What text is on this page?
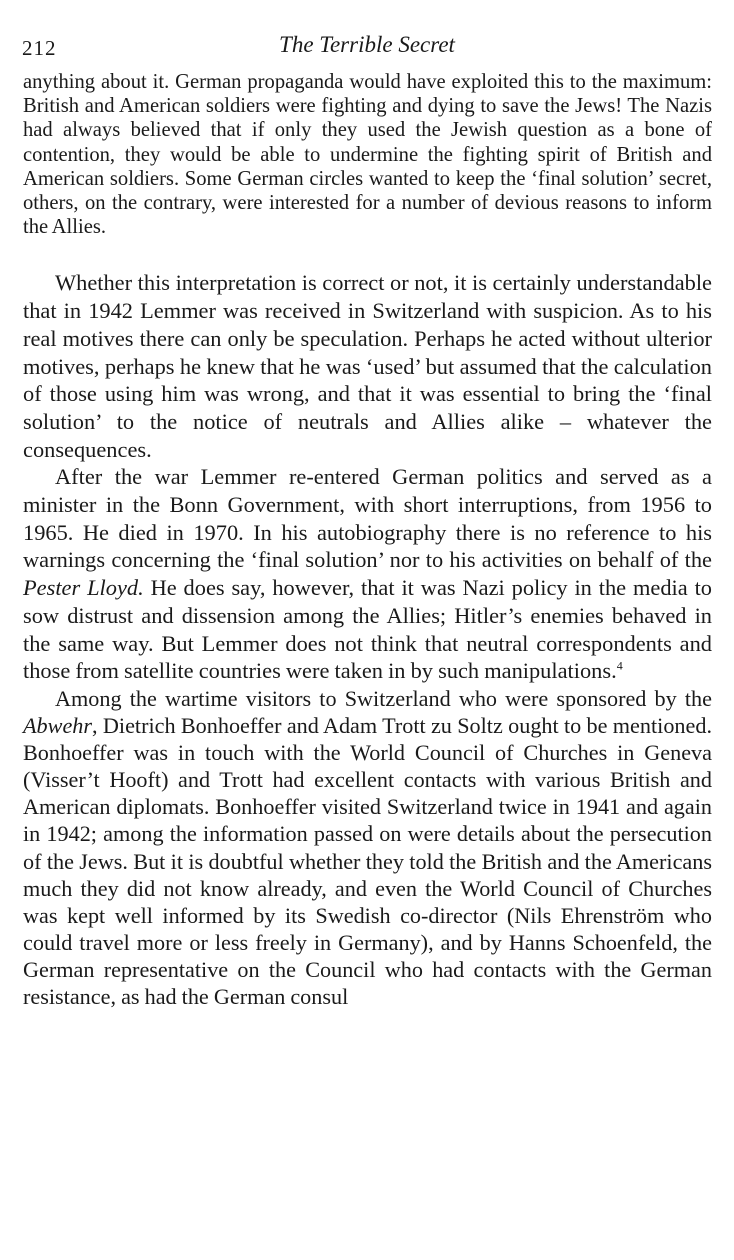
212	The Terrible Secret

anything about it. German propaganda would have exploited this to the maximum: British and American soldiers were fighting and dying to save the Jews! The Nazis had always believed that if only they used the Jewish question as a bone of contention, they would be able to undermine the fighting spirit of British and American soldiers. Some German circles wanted to keep the ‘final solution’ secret, others, on the contrary, were interested for a number of devious reasons to inform the Allies.

Whether this interpretation is correct or not, it is certainly understandable that in 1942 Lemmer was received in Switzerland with suspicion. As to his real motives there can only be speculation. Perhaps he acted without ulterior motives, perhaps he knew that he was ‘used’ but assumed that the calculation of those using him was wrong, and that it was essential to bring the ‘final solution’ to the notice of neutrals and Allies alike – whatever the consequences.

After the war Lemmer re-entered German politics and served as a minister in the Bonn Government, with short interruptions, from 1956 to 1965. He died in 1970. In his autobiography there is no reference to his warnings concerning the ‘final solution’ nor to his activities on behalf of the Pester Lloyd. He does say, however, that it was Nazi policy in the media to sow distrust and dissension among the Allies; Hitler’s enemies behaved in the same way. But Lemmer does not think that neutral correspondents and those from satellite countries were taken in by such manipulations.$^4$

Among the wartime visitors to Switzerland who were sponsored by the Abwehr, Dietrich Bonhoeffer and Adam Trott zu Soltz ought to be mentioned. Bonhoeffer was in touch with the World Council of Churches in Geneva (Visser’t Hooft) and Trott had excellent contacts with various British and American diplomats. Bonhoeffer visited Switzerland twice in 1941 and again in 1942; among the information passed on were details about the persecution of the Jews. But it is doubtful whether they told the British and the Americans much they did not know already, and even the World Council of Churches was kept well informed by its Swedish co-director (Nils Ehrenström who could travel more or less freely in Germany), and by Hanns Schoenfeld, the German representative on the Council who had contacts with the German resistance, as had the German consul
